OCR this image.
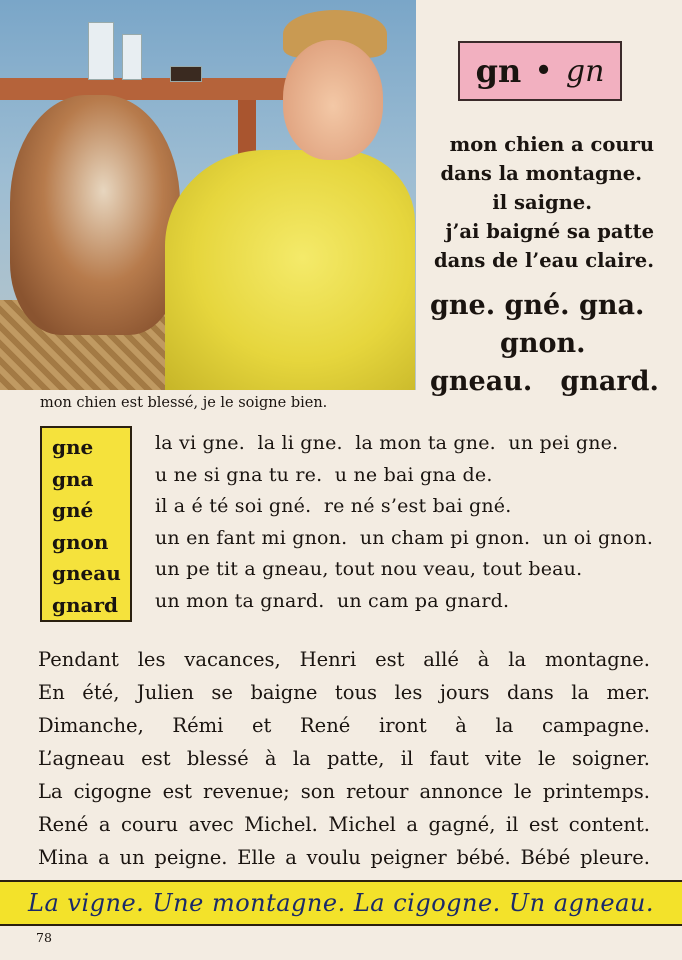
gn • gn
mon chien a couru
dans la montagne.
il saigne.
j’ai baigné sa patte
dans de l’eau claire.
gne. gné. gna.
gnon.
gneau.   gnard.
mon chien est blessé, je le soigne bien.
gne
gna
gné
gnon
gneau
gnard
la vi gne.  la li gne.  la mon ta gne.  un pei gne.
u ne si gna tu re.  u ne bai gna de.
il a é té soi gné.  re né s’est bai gné.
un en fant mi gnon.  un cham pi gnon.  un oi gnon.
un pe tit a gneau, tout nou veau, tout beau.
un mon ta gnard.  un cam pa gnard.
Pendant les vacances, Henri est allé à la montagne.
En été, Julien se baigne tous les jours dans la mer.
Dimanche, Rémi et René iront à la campagne.
L’agneau est blessé à la patte, il faut vite le soigner.
La cigogne est revenue; son retour annonce le printemps.
René a couru avec Michel. Michel a gagné, il est content.
Mina a un peigne. Elle a voulu peigner bébé. Bébé pleure.
La vigne. Une montagne. La cigogne. Un agneau.
78
